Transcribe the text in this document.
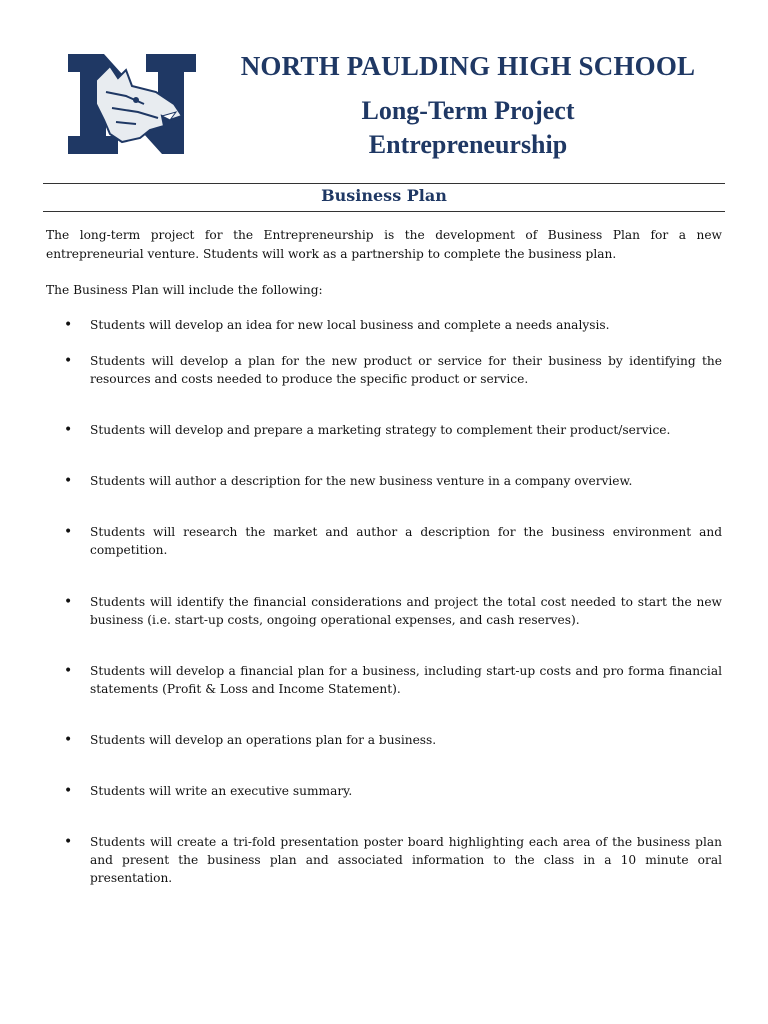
NORTH PAULDING HIGH SCHOOL
Long-Term Project
Entrepreneurship
Business Plan

The long-term project for the Entrepreneurship is the development of Business Plan for a new entrepreneurial venture. Students will work as a partnership to complete the business plan.

The Business Plan will include the following:

• Students will develop an idea for new local business and complete a needs analysis.
• Students will develop a plan for the new product or service for their business by identifying the resources and costs needed to produce the specific product or service.
• Students will develop and prepare a marketing strategy to complement their product/service.
• Students will author a description for the new business venture in a company overview.
• Students will research the market and author a description for the business environment and competition.
• Students will identify the financial considerations and project the total cost needed to start the new business (i.e. start-up costs, ongoing operational expenses, and cash reserves).
• Students will develop a financial plan for a business, including start-up costs and pro forma financial statements (Profit & Loss and Income Statement).
• Students will develop an operations plan for a business.
• Students will write an executive summary.
• Students will create a tri-fold presentation poster board highlighting each area of the business plan and present the business plan and associated information to the class in a 10 minute oral presentation.
